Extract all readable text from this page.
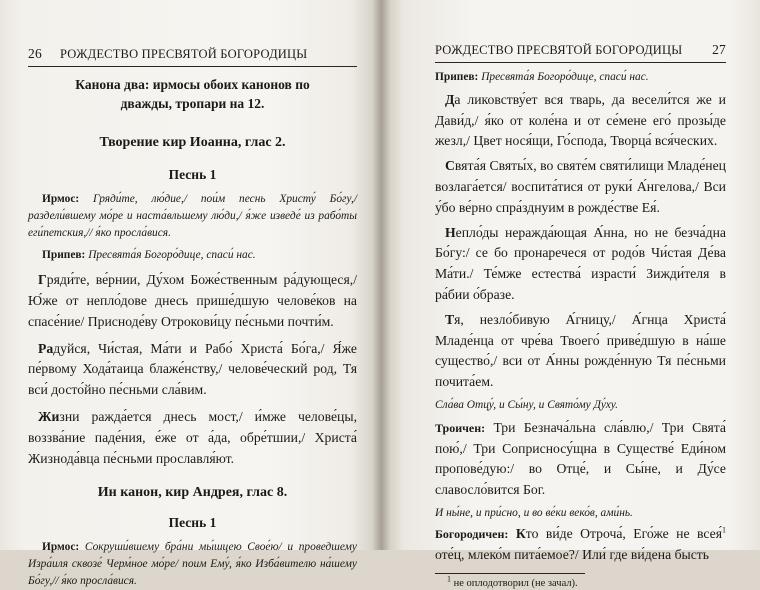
26 РОЖДЕСТВО ПРЕСВЯТОЙ БОГОРОДИЦЫ

Канона два: ирмосы обоих канонов по дважды, тропари на 12.

Творение кир Иоанна, глас 2.

Песнь 1

Ирмос: Гряди́те, лю́дие,/ пои́м песнь Христу́ Бо́гу,/ раздели́вшему мо́ре и наста́вльшему лю́ди,/ я́же изведе́ из рабо́ты еги́петския,// я́ко просла́вися.

Припев: Пресвята́я Богоро́дице, спаси́ нас.

Гряди́те, ве́рнии, Ду́хом Боже́ственным ра́дующеся,/ Ю́же от непло́довe днесь прише́дшую челове́ков на спасе́ние/ Присноде́ву Отрокови́цу пе́сньми почти́м.

Радуйся, Чи́стая, Ма́ти и Рабо́ Христа́ Бо́га,/ Я́же пе́рвому Хода́таица блаже́нству,/ челове́ческий род, Тя вси́ досто́йно пе́сньми сла́вим.

Жизни ражда́ется днесь мост,/ и́мже челове́цы, воззва́ние паде́ния, е́же от а́да, обре́тшии,/ Христа́ Жизнода́вца пе́сньми прославля́ют.

Ин канон, кир Андрея, глас 8.

Песнь 1

Ирмос: Сокруши́вшему бра́ни мы́шцею Свое́ю/ и проведшему Изра́иля сквозе́ Черм́ное мо́ре/ поим Ему́, я́ко Изба́вителю на́шему Бо́гу,// я́ко просла́вися.

РОЖДЕСТВО ПРЕСВЯТОЙ БОГОРОДИЦЫ 27

Припев: Пресвята́я Богоро́дице, спаси́ нас.

Да ликовству́ет вся тварь, да весели́тся же и Дави́д,/ я́ко от коле́на и от се́мене его́ прозы́де жезл,/ Цвет нося́щи, Го́спода, Творца́ вся́ческих.

Свята́я Святы́х, во святе́м святи́лищи Младе́нец возлага́ется/ воспита́тися от руки́ А́нгелова,/ Вси у́бо ве́рно спра́зднуим в рожде́стве Ея́.

Непло́ды неражда́ющая А́нна, но не безча́дна Бо́гу:/ се бо пронаречеся от родо́в Чи́стая Де́ва Ма́ти./ Те́мже естества́ изрaсти́ Зижди́теля в ра́бии о́бразе.

Тя, незло́бивую А́гницу,/ А́гнца Христа́ Младе́нца от чре́ва Твоего́ приве́дшую в на́ше существо́,/ вси от А́нны рожде́нную Тя пе́сньми почита́ем.

Сла́ва Отцу́, и Сы́ну, и Свято́му Ду́ху.

Троичен: Три Безнача́льна сла́влю,/ Три Свята́ пою́,/ Три Соприсносу́щна в Существе́ Еди́ном пропове́дую:/ во Отце́, и Сы́не, и Ду́се славосло́вится Бог.

И ны́не, и при́сно, и во ве́ки веко́в, ами́нь.

Богородичен: Кто ви́де Отроча́, Его́же не всея́$^1$ оте́ц, млеко́м пита́емое?/ Или́ где ви́дена бысть

$^1$ не оплодотворил (не зачал).
